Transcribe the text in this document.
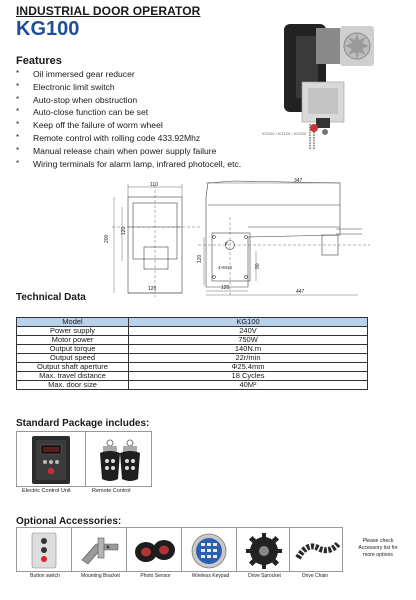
INDUSTRIAL DOOR OPERATOR
KG100
Features
* Oil immersed gear reducer
* Electronic limit switch
* Auto-stop when obstruction
* Auto-close function can be set
* Keep off the failure of worm wheel
* Remote control with rolling code 433.92Mhz
* Manual release chain when power supply failure
* Wiring terminals for alarm lamp, infrared photocell, etc.
KG100 / KG120 / KG200
110
347
200
120
8
4×M10
120
90
120	120
447
Technical Data
Model	KG100
Power supply	240V
Motor power	750W
Output torque	140N.m
Output speed	22r/min
Output shaft aperture	Φ25.4mm
Max. travel distance	18 Cycles
Max. door size	40M²
Standard Package includes:
Electric Control Unit	Remote Control
Optional Accessories:
Button switch	Mounting Bracket	Photo Sensor	Wireless Keypad	Drive Sprocket	Drive Chain
Please check
Accessory list for
more options
